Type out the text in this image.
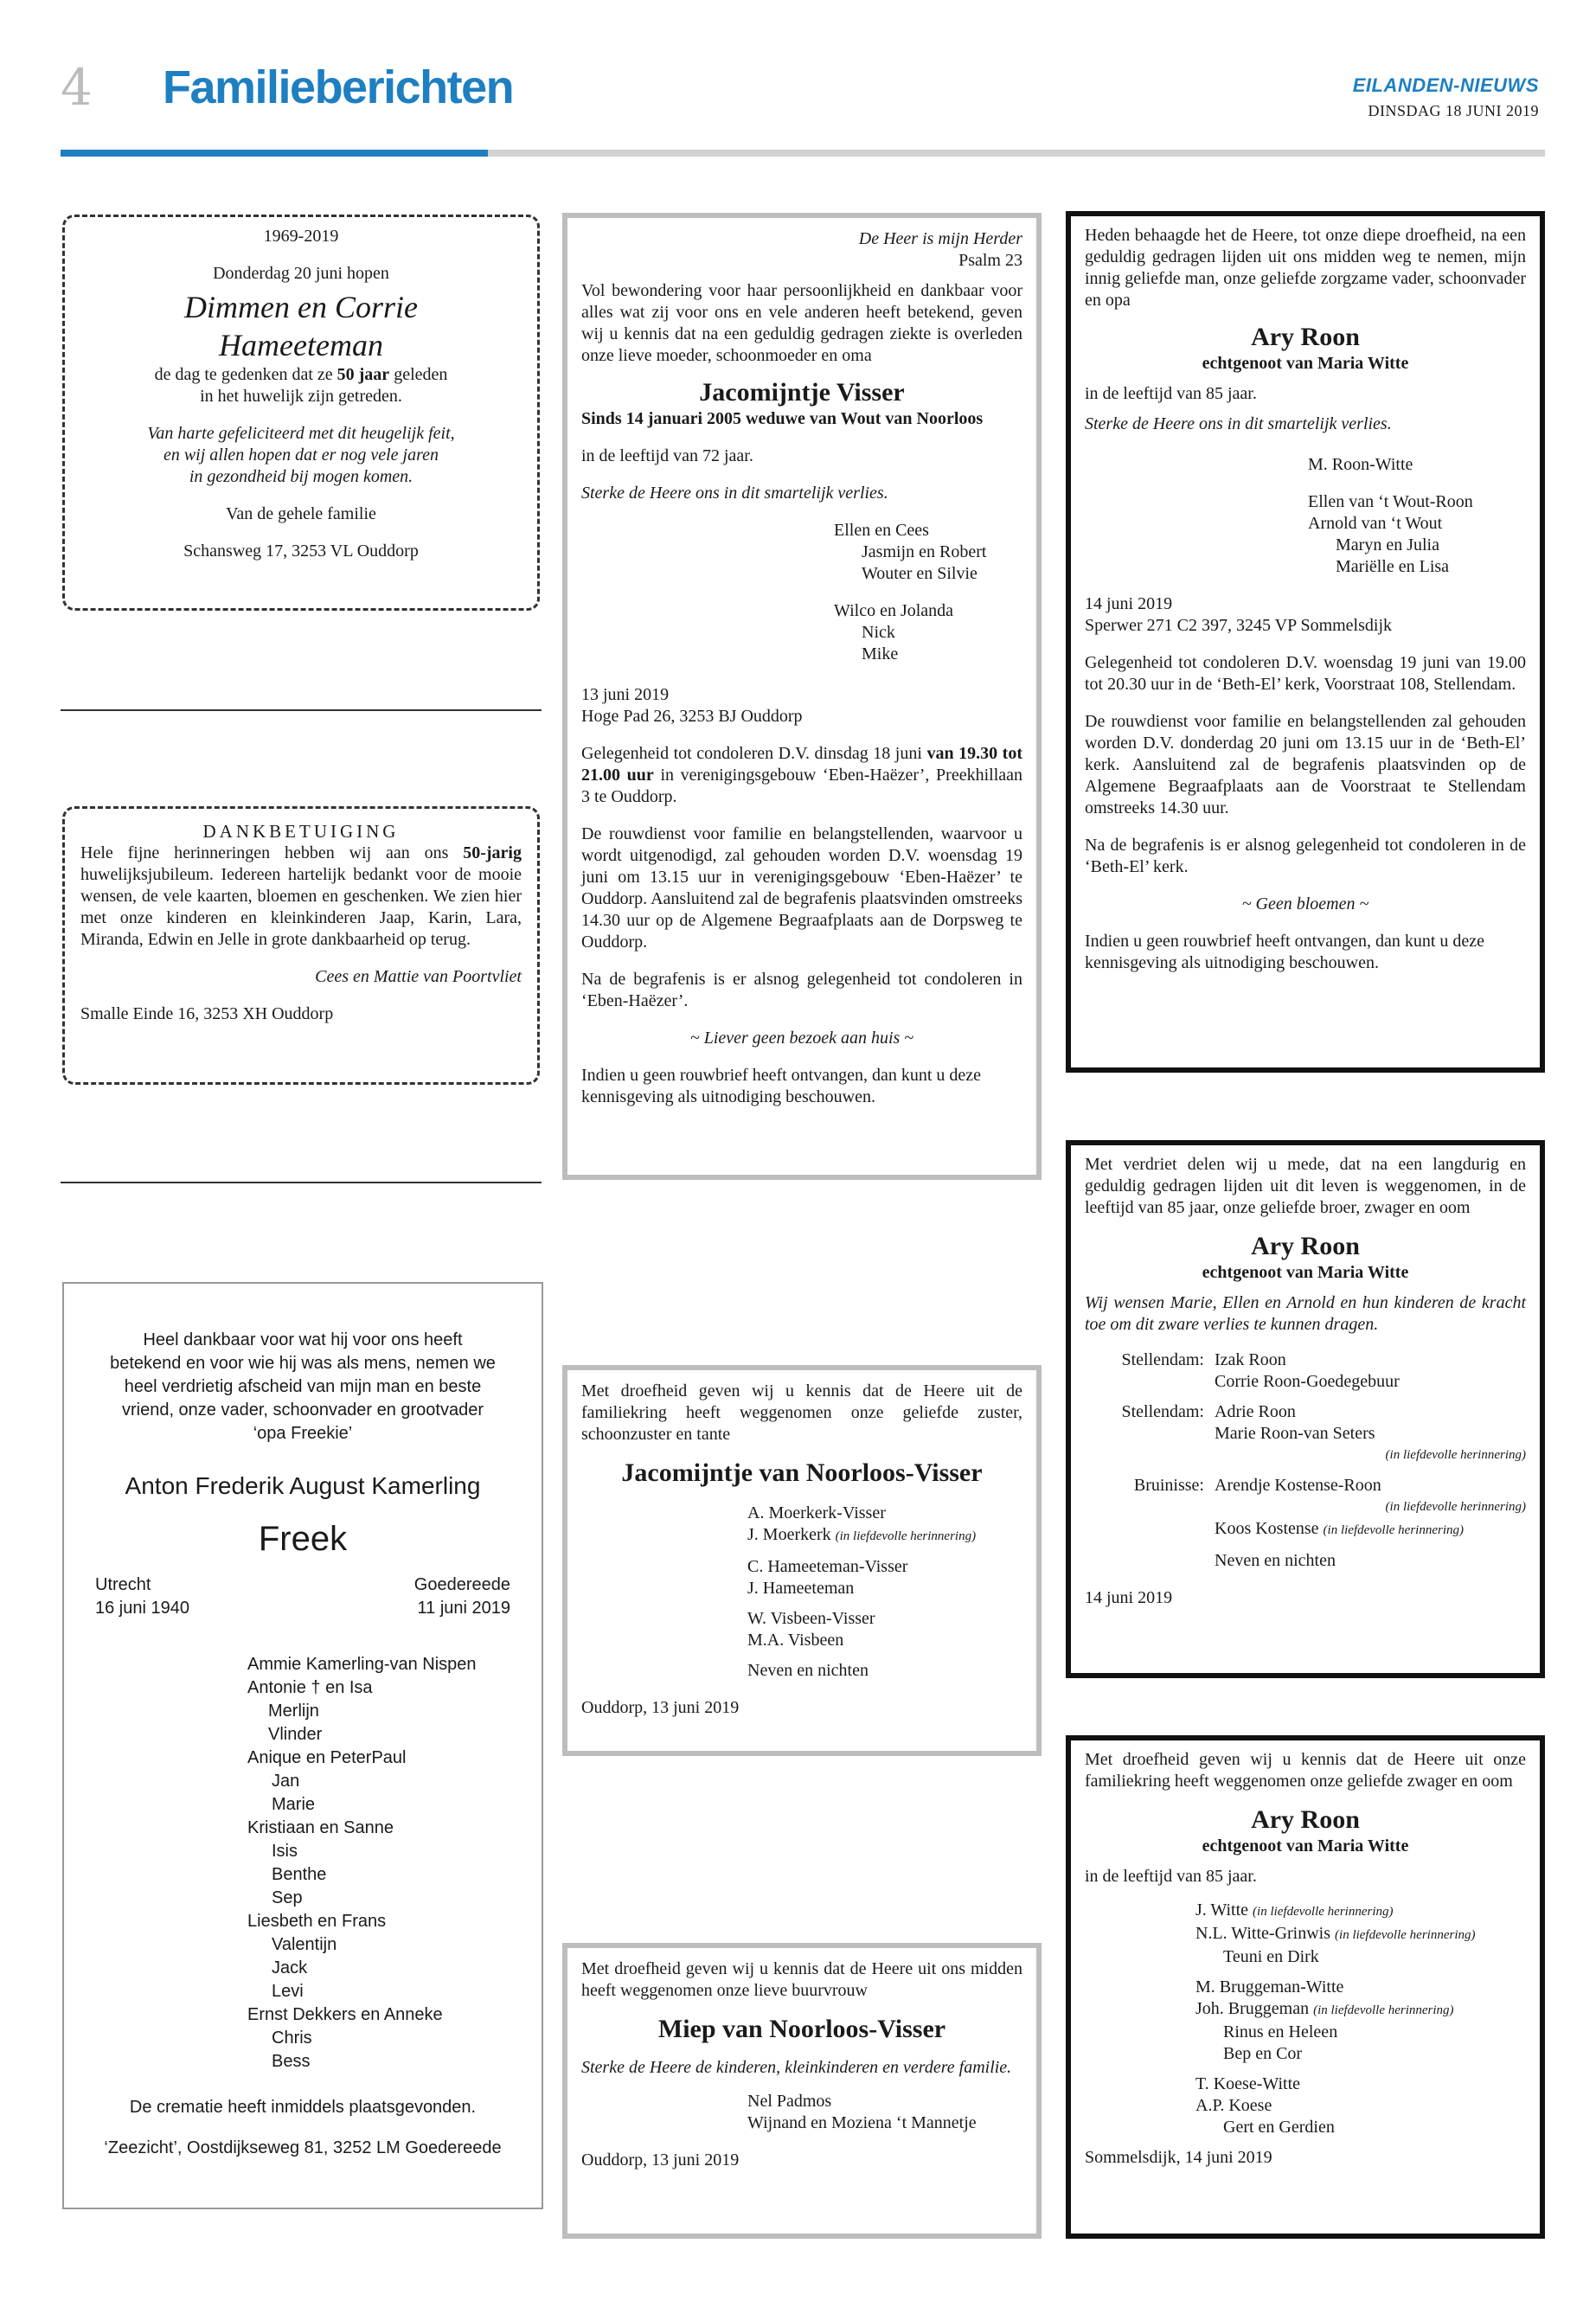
4 Familieberichten	EILANDEN-NIEUWS
DINSDAG 18 JUNI 2019

1969-2019

Donderdag 20 juni hopen

Dimmen en Corrie

Hameeteman

de dag te gedenken dat ze 50 jaar geleden

in het huwelijk zijn getreden.

Van harte gefeliciteerd met dit heugelijk feit,

en wij allen hopen dat er nog vele jaren

in gezondheid bij mogen komen.

Van de gehele familie

Schansweg 17, 3253 VL Ouddorp

DANKBETUIGING

Hele fijne herinneringen hebben wij aan ons 50-jarig huwelijksjubileum. Iedereen hartelijk bedankt voor de mooie wensen, de vele kaarten, bloemen en geschenken. We zien hier met onze kinderen en kleinkinderen Jaap, Karin, Lara, Miranda, Edwin en Jelle in grote dankbaarheid op terug.

Cees en Mattie van Poortvliet

Smalle Einde 16, 3253 XH Ouddorp

Heel dankbaar voor wat hij voor ons heeft

betekend en voor wie hij was als mens, nemen we

heel verdrietig afscheid van mijn man en beste

vriend, onze vader, schoonvader en grootvader

‘opa Freekie’

Anton Frederik August Kamerling

Freek

Utrecht

16 juni 1940

Goedereede

11 juni 2019

Ammie Kamerling-van Nispen

Antonie † en Isa

Merlijn

Vlinder

Anique en PeterPaul

Jan

Marie

Kristiaan en Sanne

Isis

Benthe

Sep

Liesbeth en Frans

Valentijn

Jack

Levi

Ernst Dekkers en Anneke

Chris

Bess

De crematie heeft inmiddels plaatsgevonden.

‘Zeezicht’, Oostdijkseweg 81, 3252 LM Goedereede

De Heer is mijn Herder

Psalm 23

Vol bewondering voor haar persoonlijkheid en dankbaar voor alles wat zij voor ons en vele anderen heeft betekend, geven wij u kennis dat na een geduldig gedragen ziekte is overleden onze lieve moeder, schoonmoeder en oma

Jacomijntje Visser

Sinds 14 januari 2005 weduwe van Wout van Noorloos

in de leeftijd van 72 jaar.

Sterke de Heere ons in dit smartelijk verlies.

Ellen en Cees

Jasmijn en Robert

Wouter en Silvie

Wilco en Jolanda

Nick

Mike

13 juni 2019

Hoge Pad 26, 3253 BJ Ouddorp

Gelegenheid tot condoleren D.V. dinsdag 18 juni van 19.30 tot 21.00 uur in verenigingsgebouw ‘Eben-Haëzer’, Preekhillaan 3 te Ouddorp.

De rouwdienst voor familie en belangstellenden, waarvoor u wordt uitgenodigd, zal gehouden worden D.V. woensdag 19 juni om 13.15 uur in verenigingsgebouw ‘Eben-Haëzer’ te Ouddorp. Aansluitend zal de begrafenis plaatsvinden omstreeks 14.30 uur op de Algemene Begraafplaats aan de Dorpsweg te Ouddorp.

Na de begrafenis is er alsnog gelegenheid tot condoleren in ‘Eben-Haëzer’.

~ Liever geen bezoek aan huis ~

Indien u geen rouwbrief heeft ontvangen, dan kunt u deze kennisgeving als uitnodiging beschouwen.

Met droefheid geven wij u kennis dat de Heere uit de familiekring heeft weggenomen onze geliefde zuster, schoonzuster en tante

Jacomijntje van Noorloos-Visser

A. Moerkerk-Visser

J. Moerkerk (in liefdevolle herinnering)

C. Hameeteman-Visser

J. Hameeteman

W. Visbeen-Visser

M.A. Visbeen

Neven en nichten

Ouddorp, 13 juni 2019

Met droefheid geven wij u kennis dat de Heere uit ons midden heeft weggenomen onze lieve buurvrouw

Miep van Noorloos-Visser

Sterke de Heere de kinderen, kleinkinderen en verdere familie.

Nel Padmos

Wijnand en Moziena ‘t Mannetje

Ouddorp, 13 juni 2019

Heden behaagde het de Heere, tot onze diepe droefheid, na een geduldig gedragen lijden uit ons midden weg te nemen, mijn innig geliefde man, onze geliefde zorgzame vader, schoonvader en opa

Ary Roon

echtgenoot van Maria Witte

in de leeftijd van 85 jaar.

Sterke de Heere ons in dit smartelijk verlies.

M. Roon-Witte

Ellen van ‘t Wout-Roon

Arnold van ‘t Wout

Maryn en Julia

Mariëlle en Lisa

14 juni 2019

Sperwer 271 C2 397, 3245 VP Sommelsdijk

Gelegenheid tot condoleren D.V. woensdag 19 juni van 19.00 tot 20.30 uur in de ‘Beth-El’ kerk, Voorstraat 108, Stellendam.

De rouwdienst voor familie en belangstellenden zal gehouden worden D.V. donderdag 20 juni om 13.15 uur in de ‘Beth-El’ kerk. Aansluitend zal de begrafenis plaatsvinden op de Algemene Begraafplaats aan de Voorstraat te Stellendam omstreeks 14.30 uur.

Na de begrafenis is er alsnog gelegenheid tot condoleren in de ‘Beth-El’ kerk.

~ Geen bloemen ~

Indien u geen rouwbrief heeft ontvangen, dan kunt u deze kennisgeving als uitnodiging beschouwen.

Met verdriet delen wij u mede, dat na een langdurig en geduldig gedragen lijden uit dit leven is weggenomen, in de leeftijd van 85 jaar, onze geliefde broer, zwager en oom

Ary Roon

echtgenoot van Maria Witte

Wij wensen Marie, Ellen en Arnold en hun kinderen de kracht toe om dit zware verlies te kunnen dragen.

Stellendam: Izak Roon

Corrie Roon-Goedegebuur

Stellendam: Adrie Roon

Marie Roon-van Seters

(in liefdevolle herinnering)

Bruinisse: Arendje Kostense-Roon

(in liefdevolle herinnering)

Koos Kostense (in liefdevolle herinnering)

Neven en nichten

14 juni 2019

Met droefheid geven wij u kennis dat de Heere uit onze familiekring heeft weggenomen onze geliefde zwager en oom

Ary Roon

echtgenoot van Maria Witte

in de leeftijd van 85 jaar.

J. Witte (in liefdevolle herinnering)

N.L. Witte-Grinwis (in liefdevolle herinnering)

Teuni en Dirk

M. Bruggeman-Witte

Joh. Bruggeman (in liefdevolle herinnering)

Rinus en Heleen

Bep en Cor

T. Koese-Witte

A.P. Koese

Gert en Gerdien

Sommelsdijk, 14 juni 2019
